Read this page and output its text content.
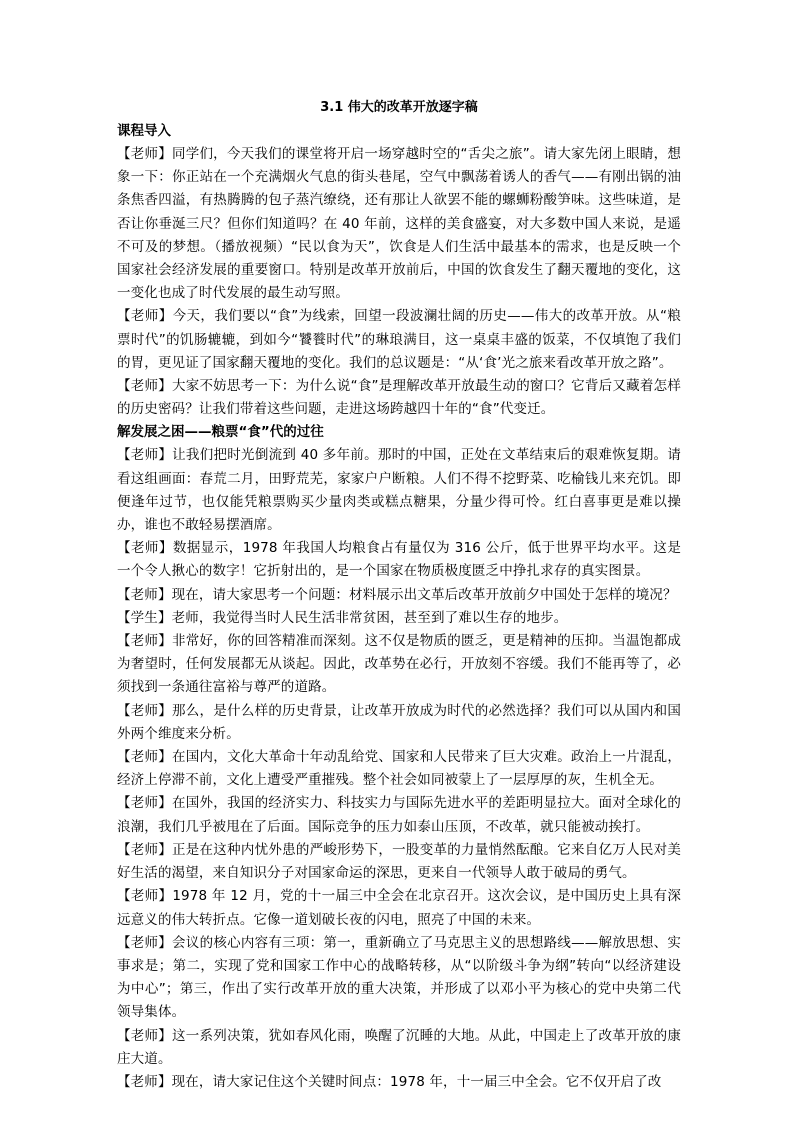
3.1 伟大的改革开放逐字稿
课程导入

【老师】同学们，今天我们的课堂将开启一场穿越时空的“舌尖之旅”。请大家先闭上眼睛，想象一下：你正站在一个充满烟火气息的街头巷尾，空气中飘荡着诱人的香气——有刚出锅的油条焦香四溢，有热腾腾的包子蒸汽缭绕，还有那让人欲罢不能的螺蛳粉酸笋味。这些味道，是否让你垂涎三尺？但你们知道吗？在 40 年前，这样的美食盛宴，对大多数中国人来说，是遥不可及的梦想。（播放视频）“民以食为天”，饮食是人们生活中最基本的需求，也是反映一个国家社会经济发展的重要窗口。特别是改革开放前后，中国的饮食发生了翻天覆地的变化，这一变化也成了时代发展的最生动写照。

【老师】今天，我们要以“食”为线索，回望一段波澜壮阔的历史——伟大的改革开放。从“粮票时代”的饥肠辘辘，到如今“饕餮时代”的琳琅满目，这一桌桌丰盛的饭菜，不仅填饱了我们的胃，更见证了国家翻天覆地的变化。我们的总议题是：“从‘食’光之旅来看改革开放之路”。

【老师】大家不妨思考一下：为什么说“食”是理解改革开放最生动的窗口？它背后又藏着怎样的历史密码？让我们带着这些问题，走进这场跨越四十年的“食”代变迁。

解发展之困——粮票“食”代的过往

【老师】让我们把时光倒流到 40 多年前。那时的中国，正处在文革结束后的艰难恢复期。请看这组画面：春荒二月，田野荒芜，家家户户断粮。人们不得不挖野菜、吃榆钱儿来充饥。即便逢年过节，也仅能凭粮票购买少量肉类或糕点糖果，分量少得可怜。红白喜事更是难以操办，谁也不敢轻易摆酒席。

【老师】数据显示，1978 年我国人均粮食占有量仅为 316 公斤，低于世界平均水平。这是一个令人揪心的数字！它折射出的，是一个国家在物质极度匮乏中挣扎求存的真实图景。

【老师】现在，请大家思考一个问题：材料展示出文革后改革开放前夕中国处于怎样的境况？

【学生】老师，我觉得当时人民生活非常贫困，甚至到了难以生存的地步。

【老师】非常好，你的回答精准而深刻。这不仅是物质的匮乏，更是精神的压抑。当温饱都成为奢望时，任何发展都无从谈起。因此，改革势在必行，开放刻不容缓。我们不能再等了，必须找到一条通往富裕与尊严的道路。

【老师】那么，是什么样的历史背景，让改革开放成为时代的必然选择？我们可以从国内和国外两个维度来分析。

【老师】在国内，文化大革命十年动乱给党、国家和人民带来了巨大灾难。政治上一片混乱，经济上停滞不前，文化上遭受严重摧残。整个社会如同被蒙上了一层厚厚的灰，生机全无。

【老师】在国外，我国的经济实力、科技实力与国际先进水平的差距明显拉大。面对全球化的浪潮，我们几乎被甩在了后面。国际竞争的压力如泰山压顶，不改革，就只能被动挨打。

【老师】正是在这种内忧外患的严峻形势下，一股变革的力量悄然酝酿。它来自亿万人民对美好生活的渴望，来自知识分子对国家命运的深思，更来自一代领导人敢于破局的勇气。

【老师】1978 年 12 月，党的十一届三中全会在北京召开。这次会议，是中国历史上具有深远意义的伟大转折点。它像一道划破长夜的闪电，照亮了中国的未来。

【老师】会议的核心内容有三项：第一，重新确立了马克思主义的思想路线——解放思想、实事求是；第二，实现了党和国家工作中心的战略转移，从“以阶级斗争为纲”转向“以经济建设为中心”；第三，作出了实行改革开放的重大决策，并形成了以邓小平为核心的党中央第二代领导集体。

【老师】这一系列决策，犹如春风化雨，唤醒了沉睡的大地。从此，中国走上了改革开放的康庄大道。

【老师】现在，请大家记住这个关键时间点：1978 年，十一届三中全会。它不仅开启了改
